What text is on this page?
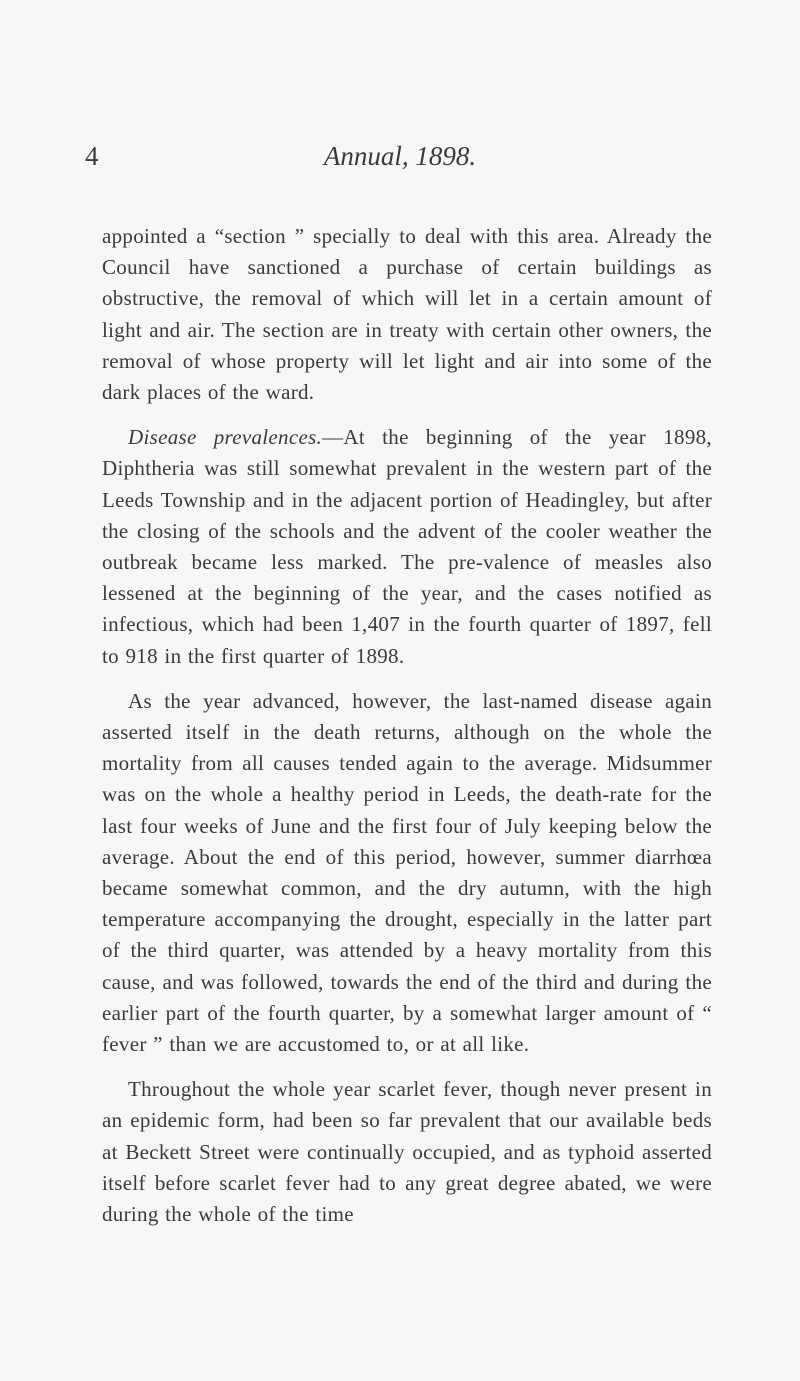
4	Annual, 1898.

appointed a “section ” specially to deal with this area. Already the Council have sanctioned a purchase of certain buildings as obstructive, the removal of which will let in a certain amount of light and air. The section are in treaty with certain other owners, the removal of whose property will let light and air into some of the dark places of the ward.

Disease prevalences.—At the beginning of the year 1898, Diphtheria was still somewhat prevalent in the western part of the Leeds Township and in the adjacent portion of Headingley, but after the closing of the schools and the advent of the cooler weather the outbreak became less marked. The pre-valence of measles also lessened at the beginning of the year, and the cases notified as infectious, which had been 1,407 in the fourth quarter of 1897, fell to 918 in the first quarter of 1898.

As the year advanced, however, the last-named disease again asserted itself in the death returns, although on the whole the mortality from all causes tended again to the average. Midsummer was on the whole a healthy period in Leeds, the death-rate for the last four weeks of June and the first four of July keeping below the average. About the end of this period, however, summer diarrhœa became somewhat common, and the dry autumn, with the high temperature accompanying the drought, especially in the latter part of the third quarter, was attended by a heavy mortality from this cause, and was followed, towards the end of the third and during the earlier part of the fourth quarter, by a somewhat larger amount of “ fever ” than we are accustomed to, or at all like.

Throughout the whole year scarlet fever, though never present in an epidemic form, had been so far prevalent that our available beds at Beckett Street were continually occupied, and as typhoid asserted itself before scarlet fever had to any great degree abated, we were during the whole of the time
